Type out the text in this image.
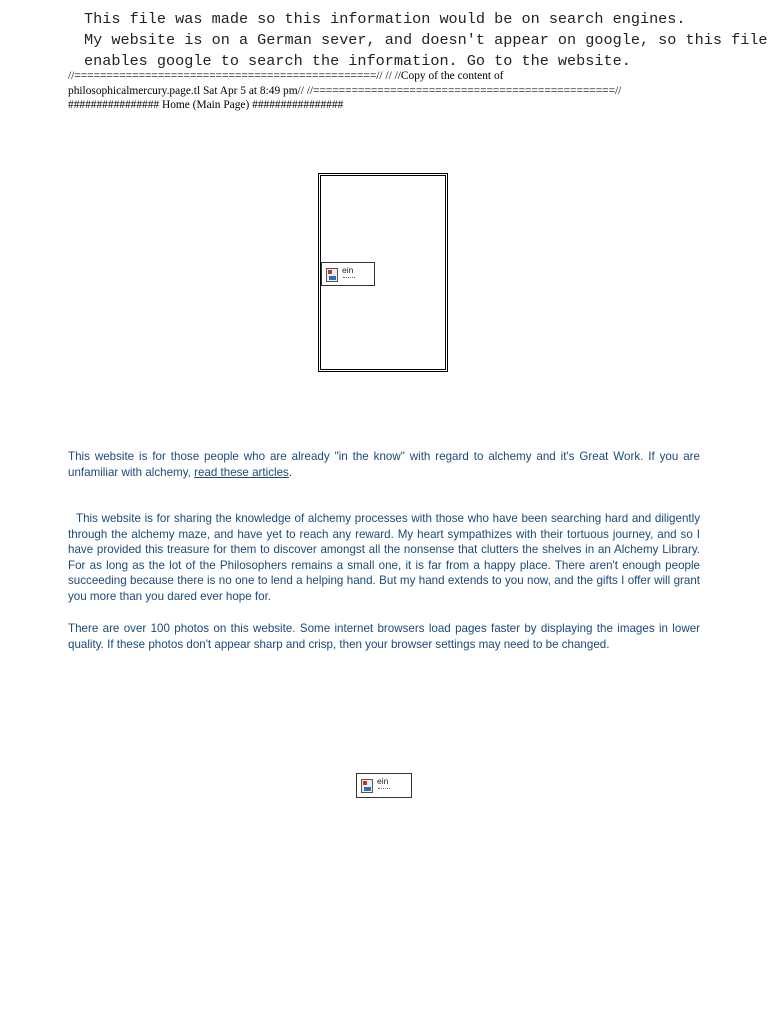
This file was made so this information would be on search engines.
My website is on a German sever, and doesn't appear on google, so this file
enables google to search the information. Go to the website.
//===============================================// // //Copy of the content of
philosophicalmercury.page.tl Sat Apr 5 at 8:49 pm// //===============================================//
################ Home (Main Page) ################
ein
This website is for those people who are already "in the know" with regard to alchemy and it's Great Work. If you are unfamiliar with alchemy, read these articles.
This website is for sharing the knowledge of alchemy processes with those who have been searching hard and diligently through the alchemy maze, and have yet to reach any reward. My heart sympathizes with their tortuous journey, and so I have provided this treasure for them to discover amongst all the nonsense that clutters the shelves in an Alchemy Library. For as long as the lot of the Philosophers remains a small one, it is far from a happy place. There aren't enough people succeeding because there is no one to lend a helping hand. But my hand extends to you now, and the gifts I offer will grant you more than you dared ever hope for.
There are over 100 photos on this website. Some internet browsers load pages faster by displaying the images in lower quality. If these photos don't appear sharp and crisp, then your browser settings may need to be changed.
ein
